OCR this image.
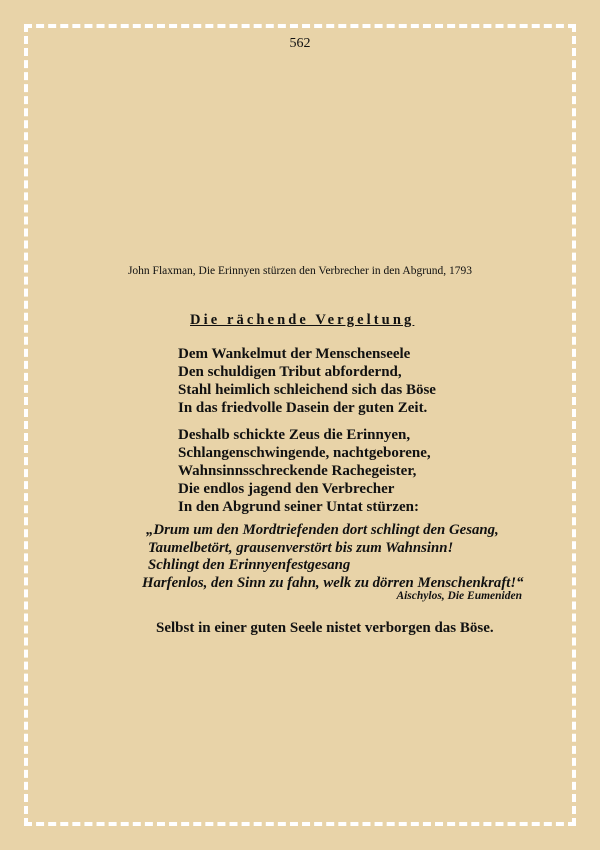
562
John Flaxman, Die Erinnyen stürzen den Verbrecher in den Abgrund, 1793
Die rächende Vergeltung
Dem Wankelmut der Menschenseele
Den schuldigen Tribut abfordernd,
Stahl heimlich schleichend sich das Böse
In das friedvolle Dasein der guten Zeit.
Deshalb schickte Zeus die Erinnyen,
Schlangenschwingende, nachtgeborene,
Wahnsinnsschreckende Rachegeister,
Die endlos jagend den Verbrecher
In den Abgrund seiner Untat stürzen:
„Drum um den Mordtriefenden dort schlingt den Gesang,
Taumelbetört, grausenverstört bis zum Wahnsinn!
Schlingt den Erinnyenfestgesang
Harfenlos, den Sinn zu fahn, welk zu dörren Menschenkraft!“
Aischylos, Die Eumeniden
Selbst in einer guten Seele nistet verborgen das Böse.
